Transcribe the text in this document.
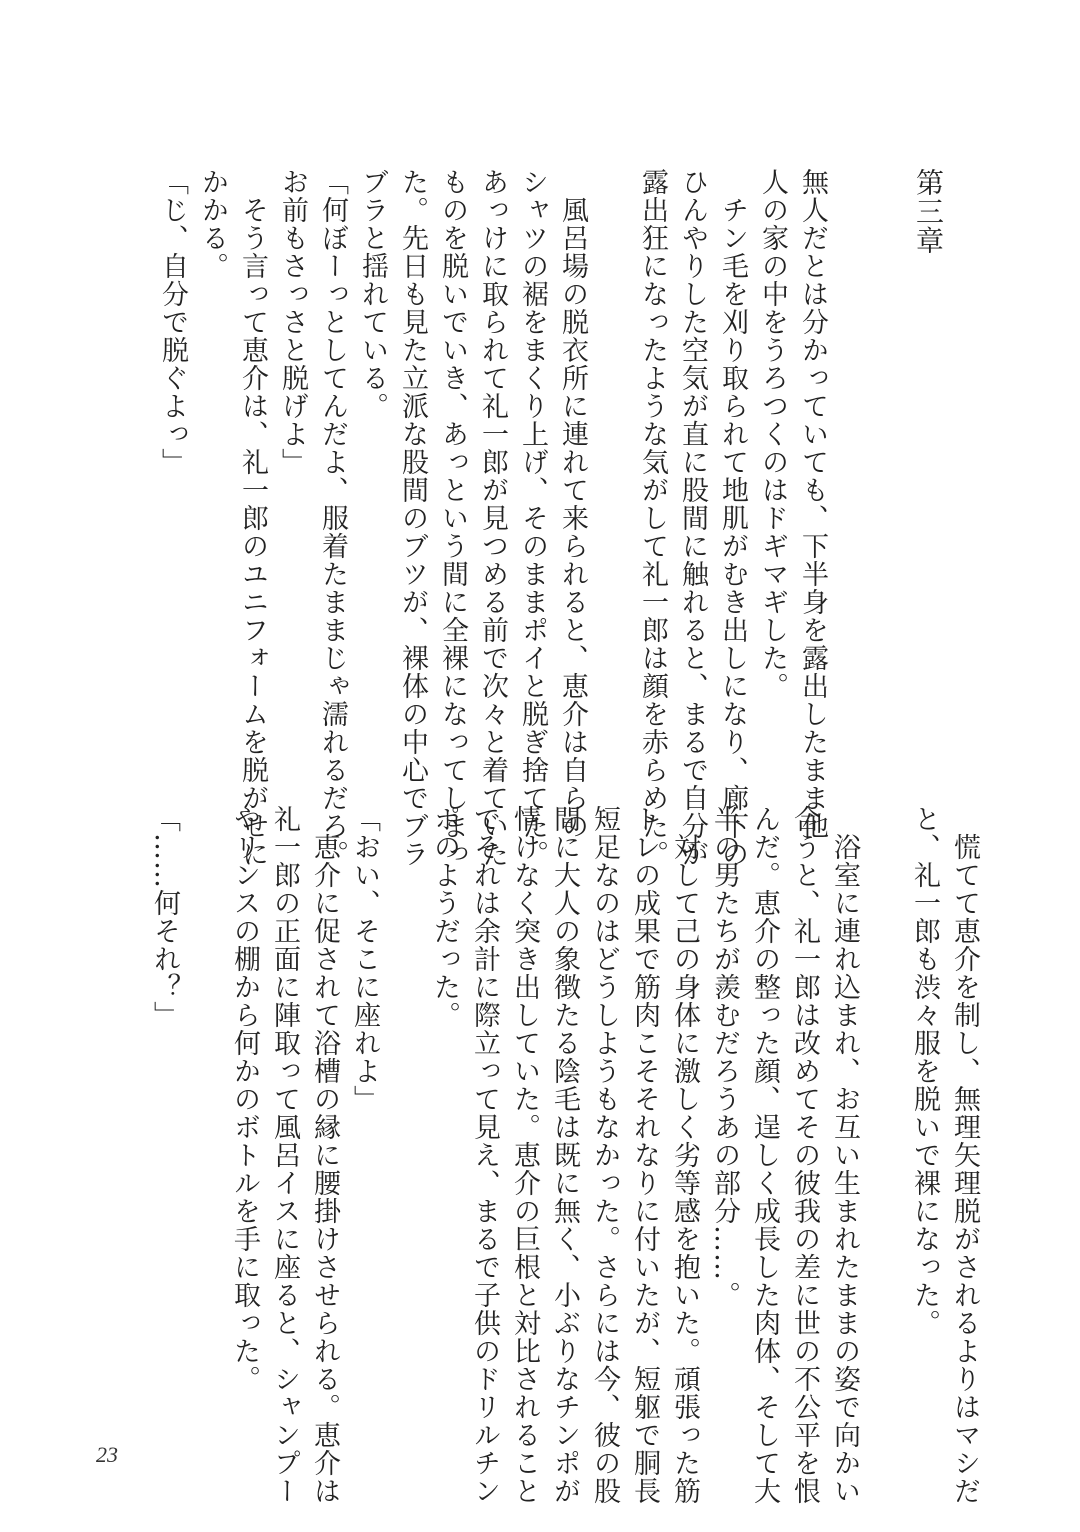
第三章
無人だとは分かっていても、下半身を露出したまま他
人の家の中をうろつくのはドギマギした。
　チン毛を刈り取られて地肌がむき出しになり、廊下の
ひんやりした空気が直に股間に触れると、まるで自分が
露出狂になったような気がして礼一郎は顔を赤らめた。

　風呂場の脱衣所に連れて来られると、恵介は自らの
シャツの裾をまくり上げ、そのままポイと脱ぎ捨てた。
あっけに取られて礼一郎が見つめる前で次々と着ていた
ものを脱いでいき、あっという間に全裸になってしまっ
た。先日も見た立派な股間のブツが、裸体の中心でブラ
ブラと揺れている。
「何ぼーっとしてんだよ、服着たままじゃ濡れるだろ。
お前もさっさと脱げよ」
　そう言って恵介は、礼一郎のユニフォームを脱がせに
かかる。
「じ、自分で脱ぐよっ」
　慌てて恵介を制し、無理矢理脱がされるよりはマシだ
と、礼一郎も渋々服を脱いで裸になった。

　浴室に連れ込まれ、お互い生まれたままの姿で向かい
合うと、礼一郎は改めてその彼我の差に世の不公平を恨
んだ。恵介の整った顔、逞しく成長した肉体、そして大
半の男たちが羨むだろうあの部分……。
　対して己の身体に激しく劣等感を抱いた。頑張った筋
トレの成果で筋肉こそそれなりに付いたが、短躯で胴長
短足なのはどうしようもなかった。さらには今、彼の股
間に大人の象徴たる陰毛は既に無く、小ぶりなチンポが
情けなく突き出していた。恵介の巨根と対比されること
でそれは余計に際立って見え、まるで子供のドリルチン
ポのようだった。

「おい、そこに座れよ」
　恵介に促されて浴槽の縁に腰掛けさせられる。恵介は
礼一郎の正面に陣取って風呂イスに座ると、シャンプー
やリンスの棚から何かのボトルを手に取った。

「……何それ？」
23
